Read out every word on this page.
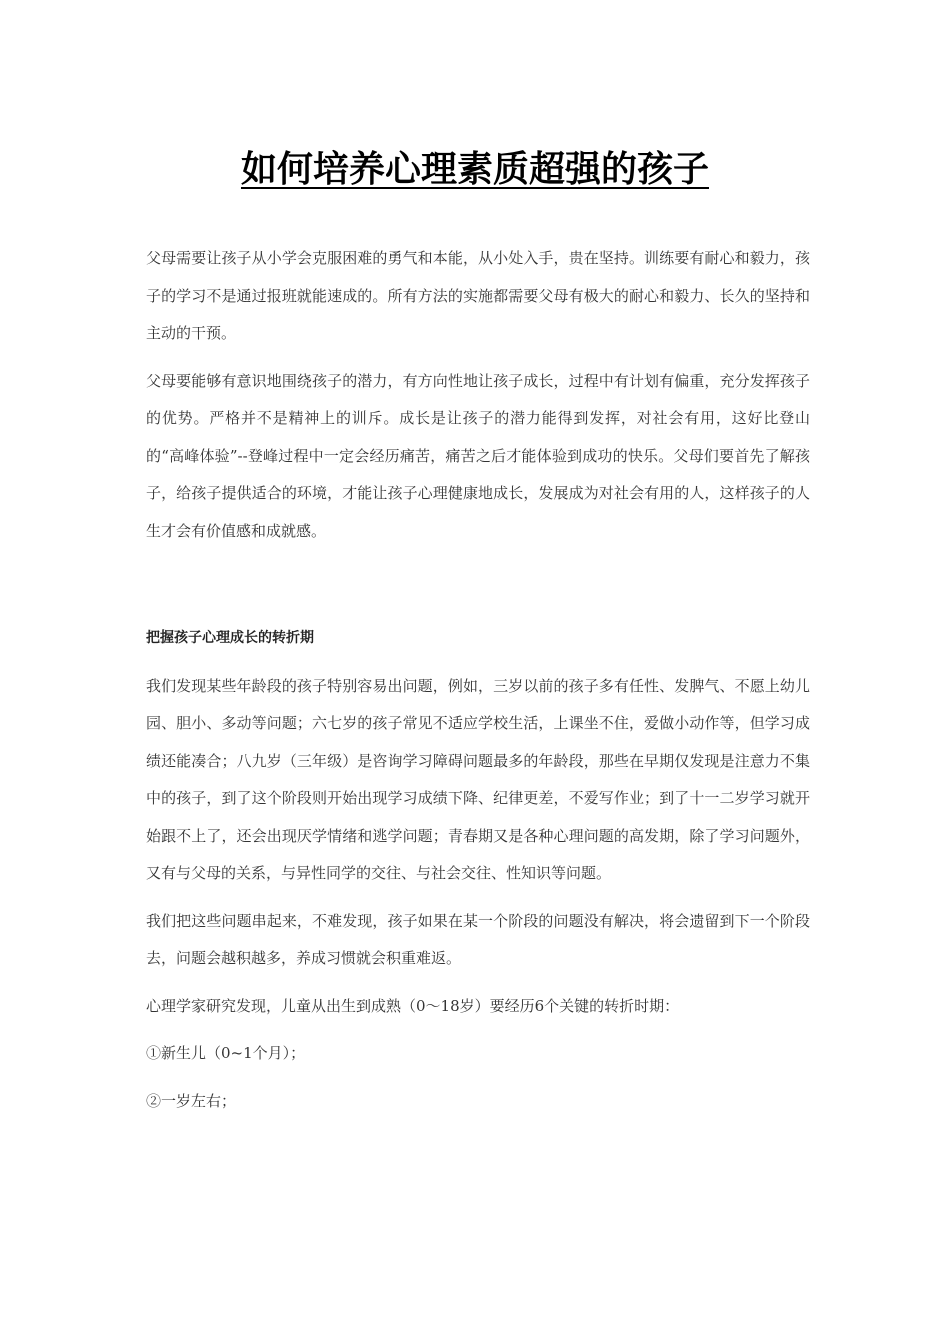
如何培养心理素质超强的孩子

父母需要让孩子从小学会克服困难的勇气和本能，从小处入手，贵在坚持。训练要有耐心和毅力，孩子的学习不是通过报班就能速成的。所有方法的实施都需要父母有极大的耐心和毅力、长久的坚持和主动的干预。

父母要能够有意识地围绕孩子的潜力，有方向性地让孩子成长，过程中有计划有偏重，充分发挥孩子的优势。严格并不是精神上的训斥。成长是让孩子的潜力能得到发挥，对社会有用，这好比登山的“高峰体验”--登峰过程中一定会经历痛苦，痛苦之后才能体验到成功的快乐。父母们要首先了解孩子，给孩子提供适合的环境，才能让孩子心理健康地成长，发展成为对社会有用的人，这样孩子的人生才会有价值感和成就感。

把握孩子心理成长的转折期

我们发现某些年龄段的孩子特别容易出问题，例如，三岁以前的孩子多有任性、发脾气、不愿上幼儿园、胆小、多动等问题；六七岁的孩子常见不适应学校生活，上课坐不住，爱做小动作等，但学习成绩还能凑合；八九岁（三年级）是咨询学习障碍问题最多的年龄段，那些在早期仅发现是注意力不集中的孩子，到了这个阶段则开始出现学习成绩下降、纪律更差，不爱写作业；到了十一二岁学习就开始跟不上了，还会出现厌学情绪和逃学问题；青春期又是各种心理问题的高发期，除了学习问题外，又有与父母的关系，与异性同学的交往、与社会交往、性知识等问题。

我们把这些问题串起来，不难发现，孩子如果在某一个阶段的问题没有解决，将会遗留到下一个阶段去，问题会越积越多，养成习惯就会积重难返。

心理学家研究发现，儿童从出生到成熟（0～18岁）要经历6个关键的转折时期：

①新生儿（0~1个月）；

②一岁左右；
